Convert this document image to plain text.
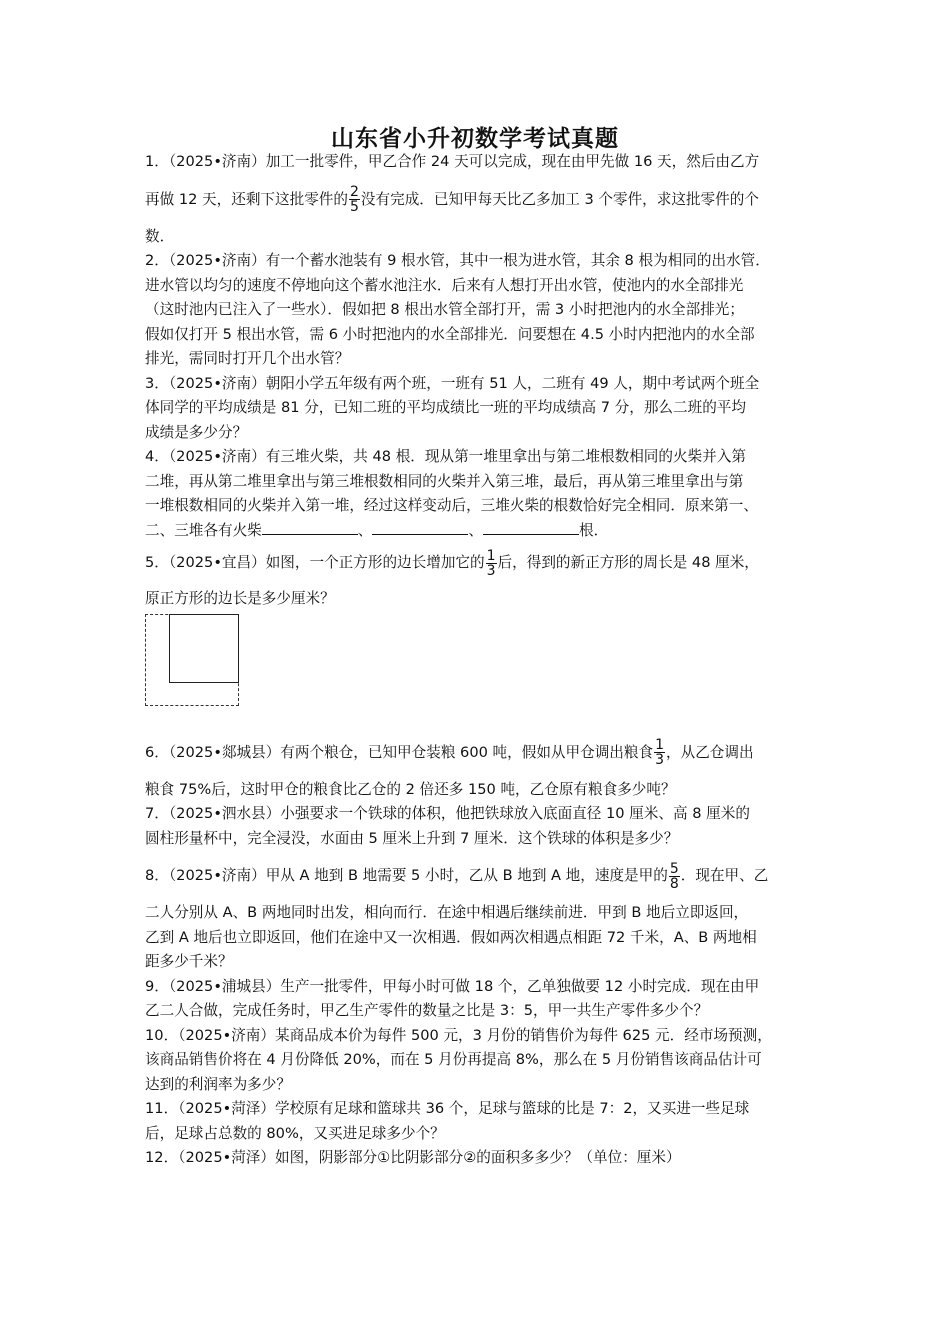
山东省小升初数学考试真题
1．（2025•济南）加工一批零件，甲乙合作 24 天可以完成，现在由甲先做 16 天，然后由乙方
再做 12 天，还剩下这批零件的 $\frac{2}{5}$ 没有完成．已知甲每天比乙多加工 3 个零件，求这批零件的个
数．
2．（2025•济南）有一个蓄水池装有 9 根水管，其中一根为进水管，其余 8 根为相同的出水管．
进水管以均匀的速度不停地向这个蓄水池注水．后来有人想打开出水管，使池内的水全部排光
（这时池内已注入了一些水）．假如把 8 根出水管全部打开，需 3 小时把池内的水全部排光；
假如仅打开 5 根出水管，需 6 小时把池内的水全部排光．问要想在 4.5 小时内把池内的水全部
排光，需同时打开几个出水管？
3．（2025•济南）朝阳小学五年级有两个班，一班有 51 人，二班有 49 人，期中考试两个班全
体同学的平均成绩是 81 分，已知二班的平均成绩比一班的平均成绩高 7 分，那么二班的平均
成绩是多少分？
4．（2025•济南）有三堆火柴，共 48 根．现从第一堆里拿出与第二堆根数相同的火柴并入第
二堆，再从第二堆里拿出与第三堆根数相同的火柴并入第三堆，最后，再从第三堆里拿出与第
一堆根数相同的火柴并入第一堆，经过这样变动后，三堆火柴的根数恰好完全相同．原来第一、
二、三堆各有火柴	、	、	根．
5．（2025•宜昌）如图，一个正方形的边长增加它的 $\frac{1}{3}$ 后，得到的新正方形的周长是 48 厘米，
原正方形的边长是多少厘米？
6．（2025•郯城县）有两个粮仓，已知甲仓装粮 600 吨，假如从甲仓调出粮食 $\frac{1}{3}$ ，从乙仓调出
粮食 75%后，这时甲仓的粮食比乙仓的 2 倍还多 150 吨，乙仓原有粮食多少吨？
7．（2025•泗水县）小强要求一个铁球的体积，他把铁球放入底面直径 10 厘米、高 8 厘米的
圆柱形量杯中，完全浸没，水面由 5 厘米上升到 7 厘米．这个铁球的体积是多少？
8．（2025•济南）甲从 A 地到 B 地需要 5 小时，乙从 B 地到 A 地，速度是甲的 $\frac{5}{8}$ ．现在甲、乙
二人分别从 A、B 两地同时出发，相向而行．在途中相遇后继续前进．甲到 B 地后立即返回，
乙到 A 地后也立即返回，他们在途中又一次相遇．假如两次相遇点相距 72 千米，A、B 两地相
距多少千米？
9．（2025•浦城县）生产一批零件，甲每小时可做 18 个，乙单独做要 12 小时完成．现在由甲
乙二人合做，完成任务时，甲乙生产零件的数量之比是 3：5，甲一共生产零件多少个？
10．（2025•济南）某商品成本价为每件 500 元，3 月份的销售价为每件 625 元．经市场预测，
该商品销售价将在 4 月份降低 20%，而在 5 月份再提高 8%，那么在 5 月份销售该商品估计可
达到的利润率为多少？
11．（2025•菏泽）学校原有足球和篮球共 36 个，足球与篮球的比是 7：2，又买进一些足球
后，足球占总数的 80%，又买进足球多少个？
12．（2025•菏泽）如图，阴影部分①比阴影部分②的面积多多少？（单位：厘米）
